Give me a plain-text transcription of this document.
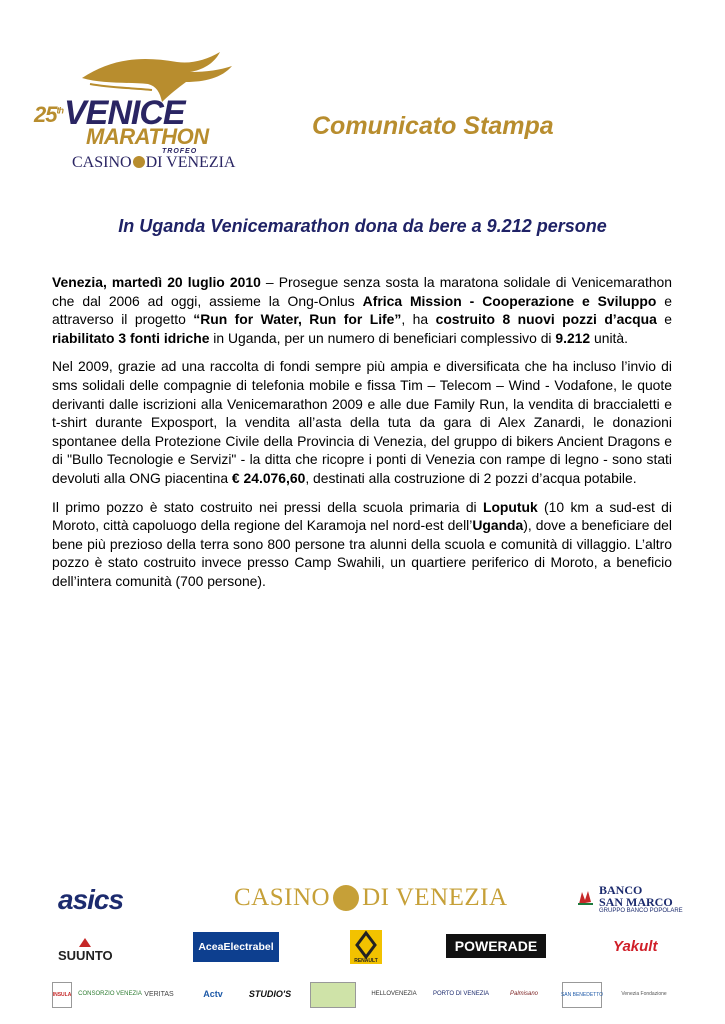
25th VENICE
MARATHON
TROFEO
CASINO DI VENEZIA
Comunicato Stampa
In Uganda Venicemarathon dona da bere a 9.212 persone

Venezia, martedì 20 luglio 2010 – Prosegue senza sosta la maratona solidale di Venicemarathon che dal 2006 ad oggi, assieme la Ong-Onlus Africa Mission - Cooperazione e Sviluppo e attraverso il progetto “Run for Water, Run for Life”, ha costruito 8 nuovi pozzi d’acqua e riabilitato 3 fonti idriche in Uganda, per un numero di beneficiari complessivo di 9.212 unità.

Nel 2009, grazie ad una raccolta di fondi sempre più ampia e diversificata che ha incluso l’invio di sms solidali delle compagnie di telefonia mobile e fissa Tim – Telecom – Wind - Vodafone, le quote derivanti dalle iscrizioni alla Venicemarathon 2009 e alle due Family Run, la vendita di braccialetti e t-shirt durante Exposport, la vendita all’asta della tuta da gara di Alex Zanardi, le donazioni spontanee della Protezione Civile della Provincia di Venezia, del gruppo di bikers Ancient Dragons e di "Bullo Tecnologie e Servizi" - la ditta che ricopre i ponti di Venezia con rampe di legno - sono stati devoluti alla ONG piacentina € 24.076,60, destinati alla costruzione di 2 pozzi d’acqua potabile.

Il primo pozzo è stato costruito nei pressi della scuola primaria di Loputuk (10 km a sud-est di Moroto, città capoluogo della regione del Karamoja nel nord-est dell’Uganda), dove a beneficiare del bene più prezioso della terra sono 800 persone tra alunni della scuola e comunità di villaggio. L’altro pozzo è stato costruito invece presso Camp Swahili, un quartiere periferico di Moroto, a beneficio dell’intera comunità (700 persone).

asics	CASINO DI VENEZIA	BANCO
SAN MARCO
GRUPPO BANCO POPOLARE
SUUNTO
AceaElectrabel
RENAULT
POWERADE	Yakult
INSULA CONSORZIO VENEZIA VERITAS	Actv	STUDIO'S	HELLOVENEZIA	PORTO DI VENEZIA	Palmisano	SAN BENEDETTO	Venezia Fondazione
